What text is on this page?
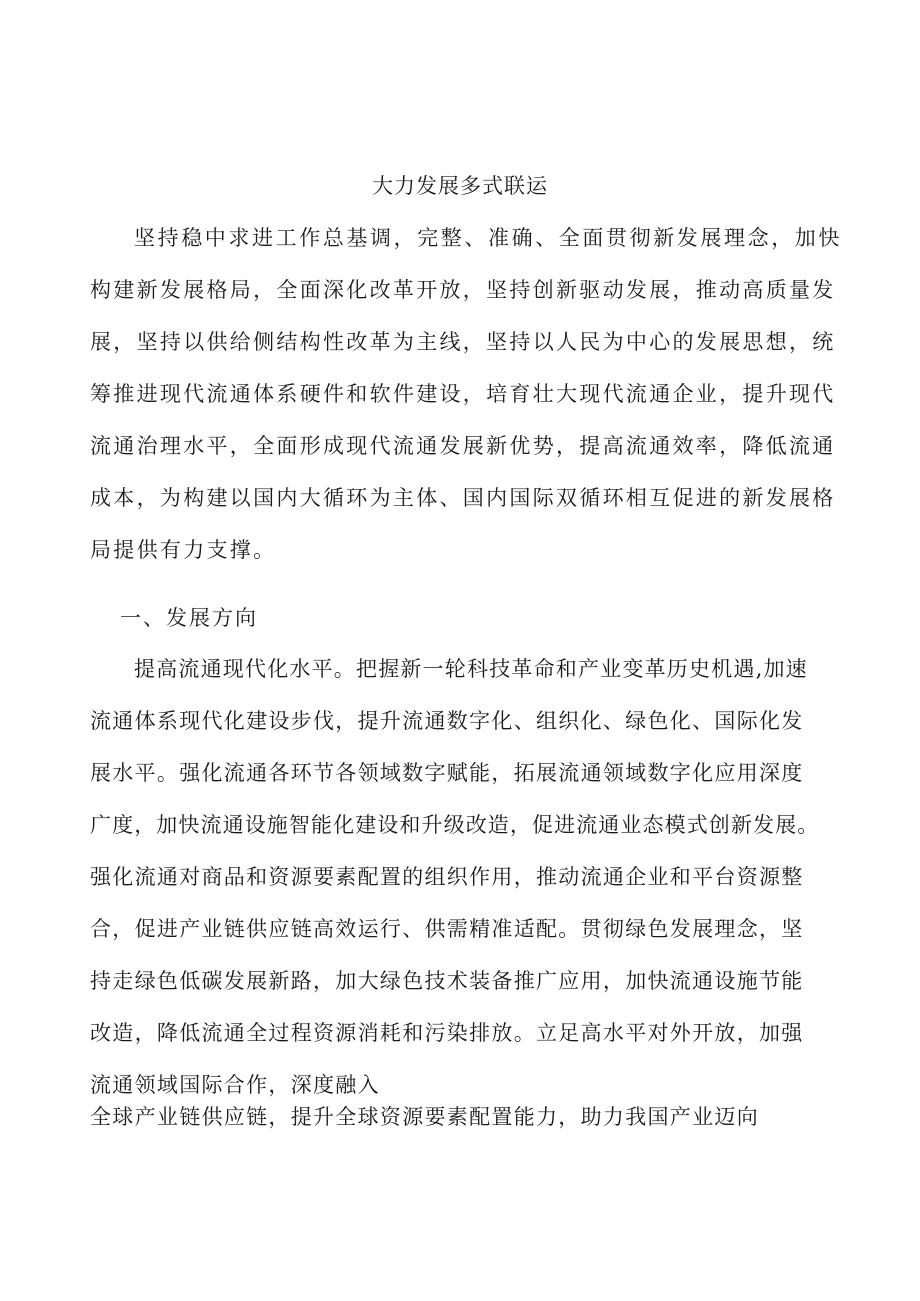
大力发展多式联运

坚持稳中求进工作总基调，完整、准确、全面贯彻新发展理念，加快

构建新发展格局，全面深化改革开放，坚持创新驱动发展，推动高质量发

展，坚持以供给侧结构性改革为主线，坚持以人民为中心的发展思想，统

筹推进现代流通体系硬件和软件建设，培育壮大现代流通企业，提升现代

流通治理水平，全面形成现代流通发展新优势，提高流通效率，降低流通

成本，为构建以国内大循环为主体、国内国际双循环相互促进的新发展格

局提供有力支撑。

一、发展方向

提高流通现代化水平。把握新一轮科技革命和产业变革历史机遇,加速

流通体系现代化建设步伐，提升流通数字化、组织化、绿色化、国际化发

展水平。强化流通各环节各领域数字赋能，拓展流通领域数字化应用深度

广度，加快流通设施智能化建设和升级改造，促进流通业态模式创新发展。

强化流通对商品和资源要素配置的组织作用，推动流通企业和平台资源整

合，促进产业链供应链高效运行、供需精准适配。贯彻绿色发展理念，坚

持走绿色低碳发展新路，加大绿色技术装备推广应用，加快流通设施节能

改造，降低流通全过程资源消耗和污染排放。立足高水平对外开放，加强

流通领域国际合作，深度融入

全球产业链供应链，提升全球资源要素配置能力，助力我国产业迈向
